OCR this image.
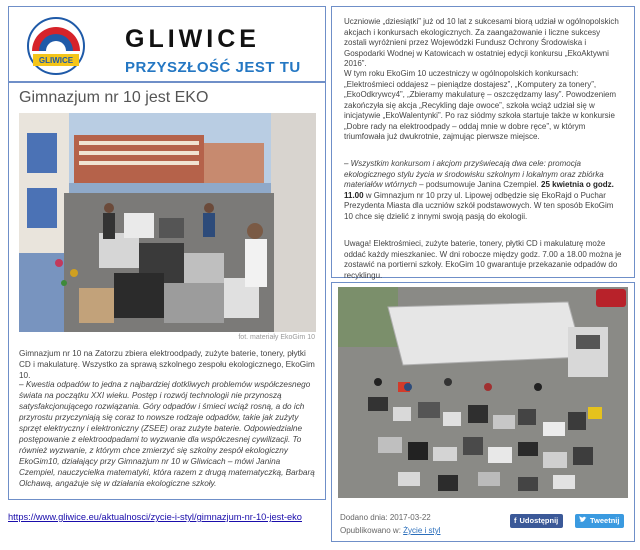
GLIWICE
GLIWICE
PRZYSZŁOŚĆ JEST TU
Gimnazjum nr 10 jest EKO
fot. materiały EkoGim 10

Gimnazjum nr 10 na Zatorzu zbiera elektroodpady, zużyte baterie, tonery, płytki CD i makulaturę. Wszystko za sprawą szkolnego zespołu ekologicznego, EkoGim 10.

– Kwestia odpadów to jedna z najbardziej dotkliwych problemów współczesnego świata na początku XXI wieku. Postęp i rozwój technologii nie przynoszą satysfakcjonującego rozwiązania. Góry odpadów i śmieci wciąż rosną, a do ich przyrostu przyczyniają się coraz to nowsze rodzaje odpadów, takie jak zużyty sprzęt elektryczny i elektroniczny (ZSEE) oraz zużyte baterie. Odpowiedzialne postępowanie z elektroodpadami to wyzwanie dla współczesnej cywilizacji. To również wyzwanie, z którym chce zmierzyć się szkolny zespół ekologiczny EkoGim10, działający przy Gimnazjum nr 10 w Gliwicach – mówi Janina Czempiel, nauczycielka matematyki, która razem z drugą matematyczką, Barbarą Olchawą, angażuje się w działania ekologiczne szkoły.

https://www.gliwice.eu/aktualnosci/zycie-i-styl/gimnazjum-nr-10-jest-eko

Uczniowie „dziesiątki” już od 10 lat z sukcesami biorą udział w ogólnopolskich akcjach i konkursach ekologicznych. Za zaangażowanie i liczne sukcesy zostali wyróżnieni przez Wojewódzki Fundusz Ochrony Środowiska i Gospodarki Wodnej w Katowicach w ostatniej edycji konkursu „EkoAktywni 2016”.

W tym roku EkoGim 10 uczestniczy w ogólnopolskich konkursach: „Elektrośmieci oddajesz – pieniądze dostajesz”, „Komputery za tonery”, „EkoOdkrywcy4”, „Zbieramy makulaturę – oszczędzamy lasy”. Powodzeniem zakończyła się akcja „Recykling daje owoce”, szkoła wciąż udział się w inicjatywie „EkoWalentynki”. Po raz siódmy szkoła startuje także w konkursie „Dobre rady na elektroodpady – oddaj mnie w dobre ręce”, w którym triumfowała już dwukrotnie, zajmując pierwsze miejsce.

– Wszystkim konkursom i akcjom przyświecają dwa cele: promocja ekologicznego stylu życia w środowisku szkolnym i lokalnym oraz zbiórka materiałów wtórnych – podsumowuje Janina Czempiel. 25 kwietnia o godz. 11.00 w Gimnazjum nr 10 przy ul. Lipowej odbędzie się EkoRajd o Puchar Prezydenta Miasta dla uczniów szkół podstawowych. W ten sposób EkoGim 10 chce się dzielić z innymi swoją pasją do ekologii.

Uwaga! Elektrośmieci, zużyte baterie, tonery, płytki CD i makulaturę może oddać każdy mieszkaniec. W dni robocze między godz. 7.00 a 18.00 można je zostawić na portierni szkoły. EkoGim 10 gwarantuje przekazanie odpadów do recyklingu.

Dodano dnia: 2017-03-22
Opublikowano w: Życie i styl
f Udostępnij	Tweetnij
